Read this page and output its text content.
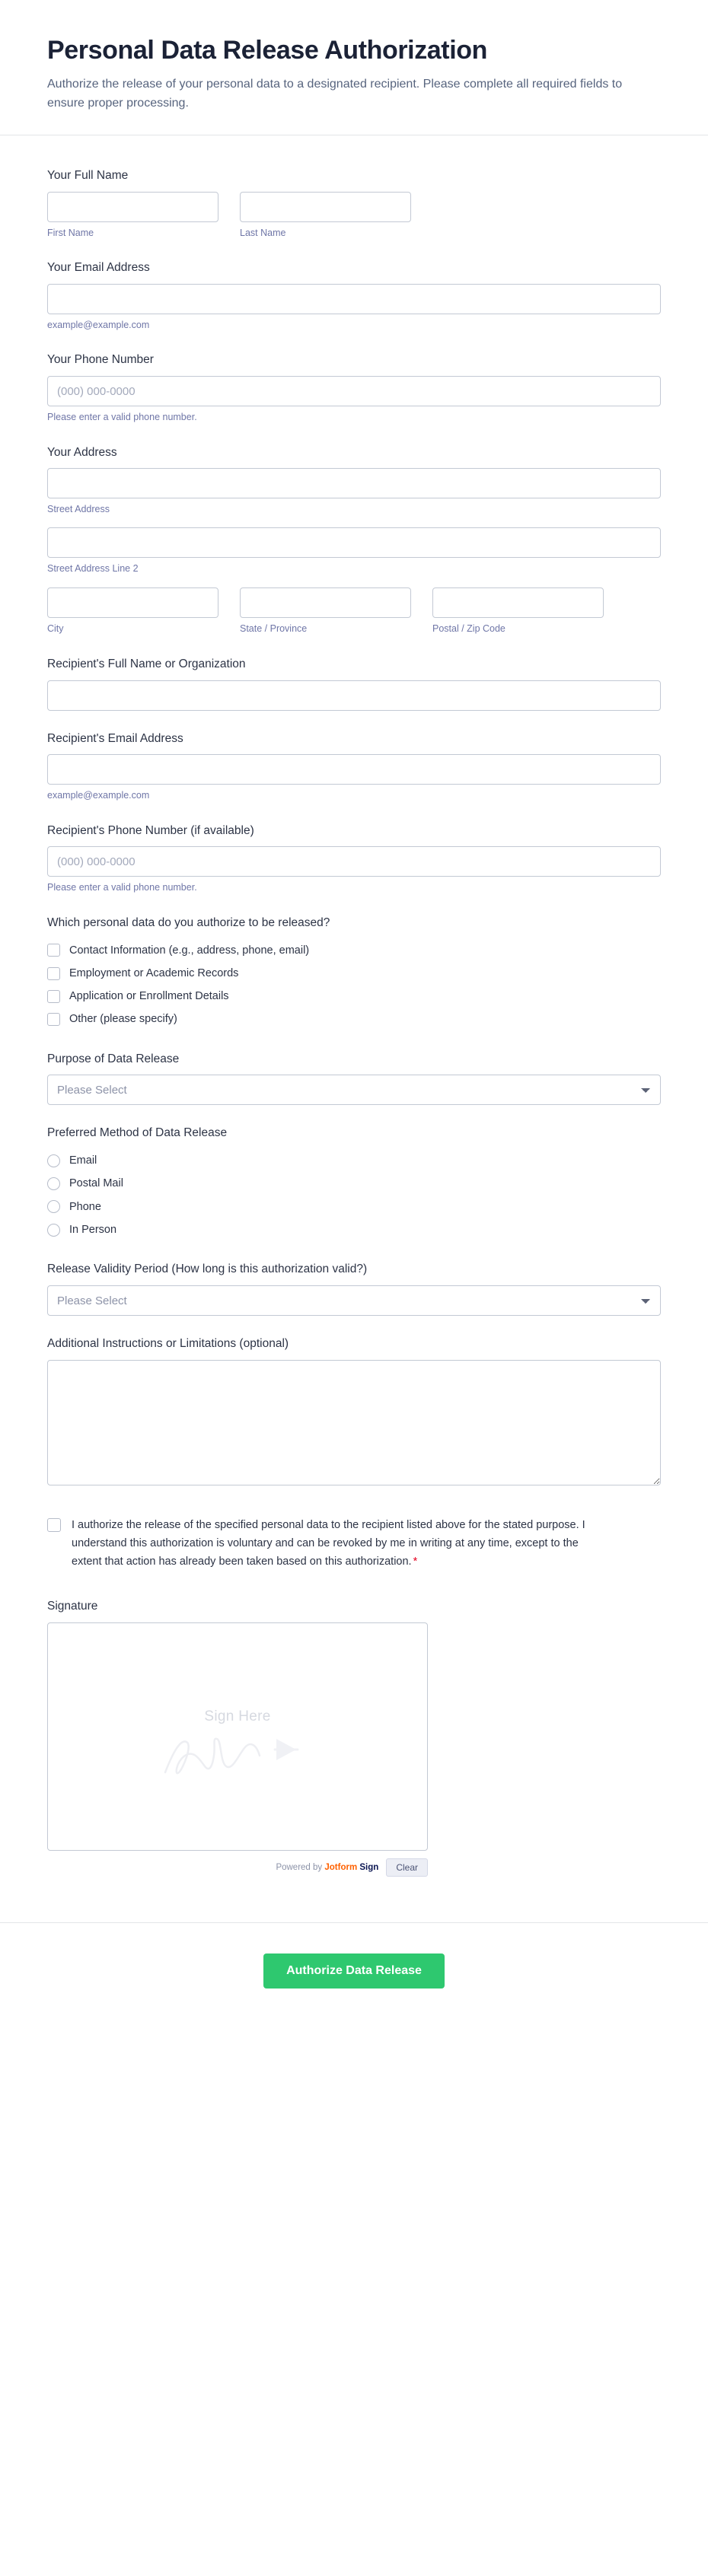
Personal Data Release Authorization

Authorize the release of your personal data to a designated recipient. Please complete all required fields to ensure proper processing.

Your Full Name
First Name	Last Name
Your Email Address
example@example.com
Your Phone Number
(000) 000-0000
Please enter a valid phone number.
Your Address
Street Address
Street Address Line 2
City	State / Province	Postal / Zip Code
Recipient's Full Name or Organization
Recipient's Email Address
example@example.com
Recipient's Phone Number (if available)
(000) 000-0000
Please enter a valid phone number.
Which personal data do you authorize to be released?
Contact Information (e.g., address, phone, email)
Employment or Academic Records
Application or Enrollment Details
Other (please specify)
Purpose of Data Release
Please Select
Preferred Method of Data Release
Email
Postal Mail
Phone
In Person
Release Validity Period (How long is this authorization valid?)
Please Select
Additional Instructions or Limitations (optional)
I authorize the release of the specified personal data to the recipient listed above for the stated purpose. I understand this authorization is voluntary and can be revoked by me in writing at any time, except to the extent that action has already been taken based on this authorization. *
Signature
Sign Here
Powered by Jotform Sign	Clear
Authorize Data Release
